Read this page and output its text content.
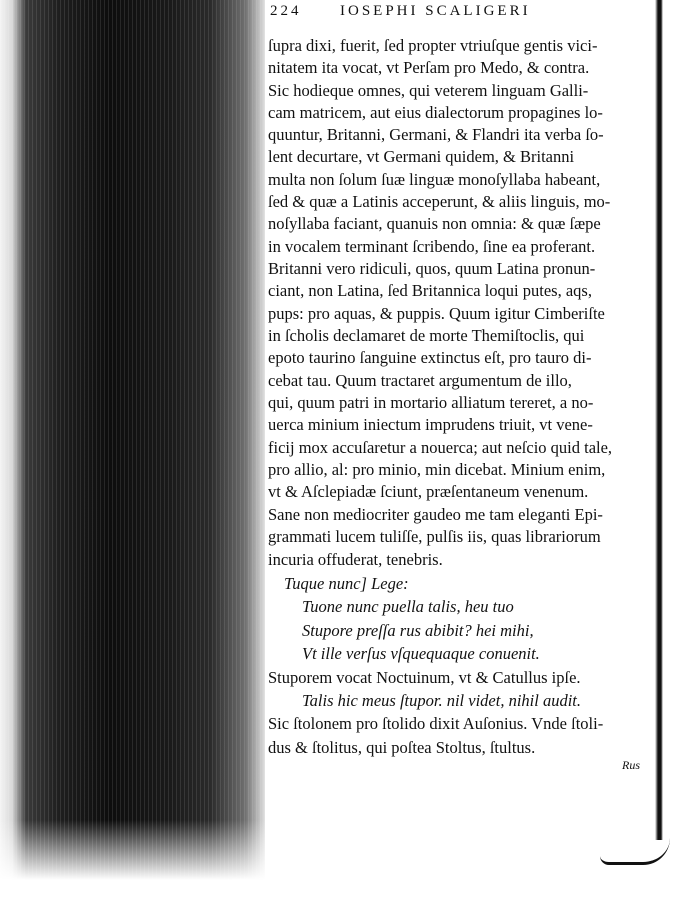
224	IOSEPHI SCALIGERI
ſupra dixi, fuerit, ſed propter vtriuſque gentis vici-
nitatem ita vocat, vt Perſam pro Medo, & contra.
Sic hodieque omnes, qui veterem linguam Galli-
cam matricem, aut eius dialectorum propagines lo-
quuntur, Britanni, Germani, & Flandri ita verba ſo-
lent decurtare, vt Germani quidem, & Britanni
multa non ſolum ſuæ linguæ monoſyllaba habeant,
ſed & quæ a Latinis acceperunt, & aliis linguis, mo-
noſyllaba faciant, quanuis non omnia: & quæ ſæpe
in vocalem terminant ſcribendo, ſine ea proferant.
Britanni vero ridiculi, quos, quum Latina pronun-
ciant, non Latina, ſed Britannica loqui putes, aqs,
pups: pro aquas, & puppis. Quum igitur Cimberiſte
in ſcholis declamaret de morte Themiſtoclis, qui
epoto taurino ſanguine extinctus eſt, pro tauro di-
cebat tau. Quum tractaret argumentum de illo,
qui, quum patri in mortario alliatum tereret, a no-
uerca minium iniectum imprudens triuit, vt vene-
ficij mox accuſaretur a nouerca; aut neſcio quid tale,
pro allio, al: pro minio, min dicebat. Minium enim,
vt & Aſclepiadæ ſciunt, præſentaneum venenum.
Sane non mediocriter gaudeo me tam eleganti Epi-
grammati lucem tuliſſe, pulſis iis, quas librariorum
incuria offuderat, tenebris.
Tuque nunc] Lege:
Tuone nunc puella talis, heu tuo
Stupore preſſa rus abibit? hei mihi,
Vt ille verſus vſquequaque conuenit.
Stuporem vocat Noctuinum, vt & Catullus ipſe.
Talis hic meus ſtupor. nil videt, nihil audit.
Sic ſtolonem pro ſtolido dixit Auſonius. Vnde ſtoli-
dus & ſtolitus, qui poſtea Stoltus, ſtultus.
Rus
